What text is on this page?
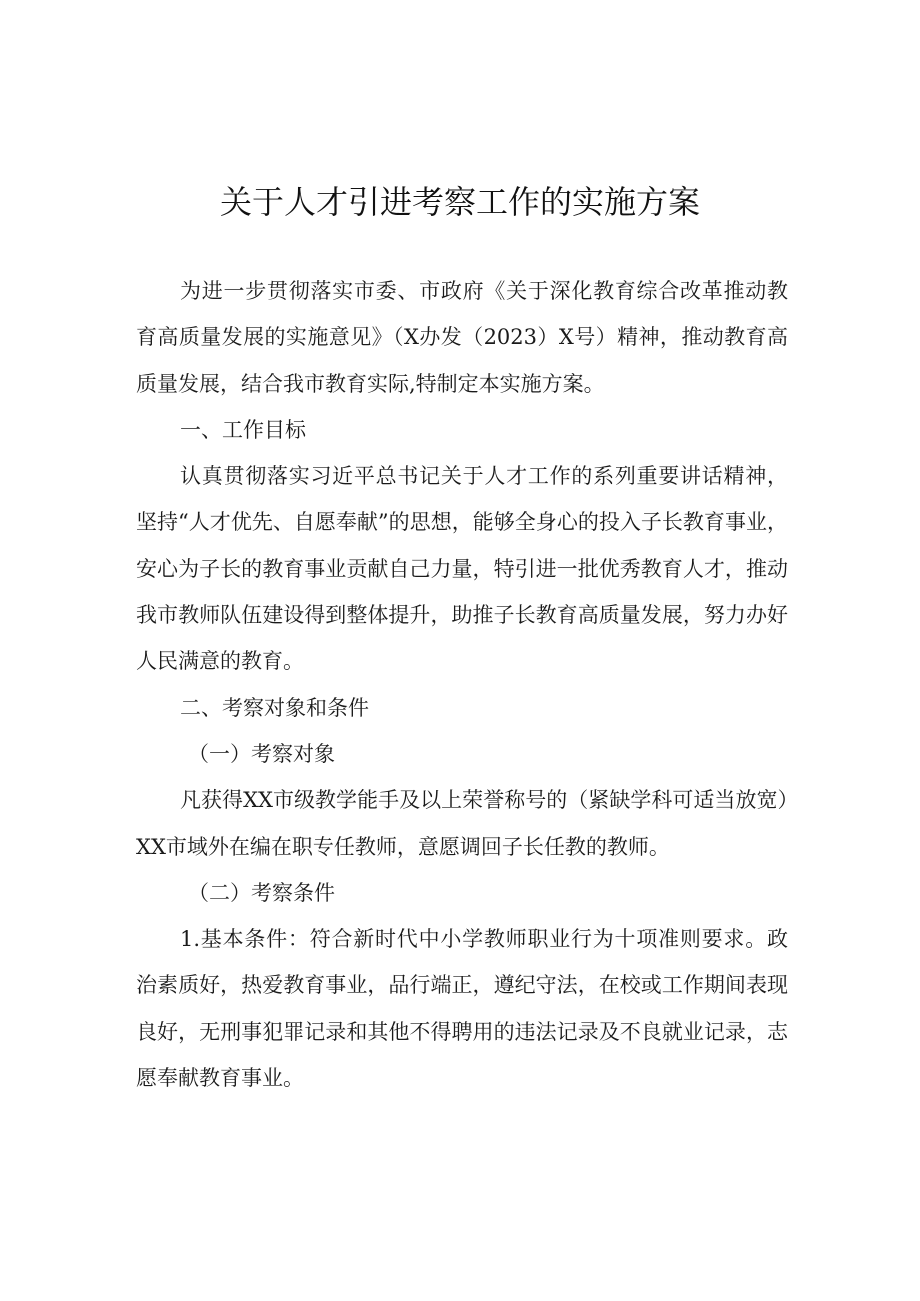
关于人才引进考察工作的实施方案

为进一步贯彻落实市委、市政府《关于深化教育综合改革推动教育高质量发展的实施意见》（X办发（2023）X号）精神，推动教育高质量发展，结合我市教育实际,特制定本实施方案。

一、工作目标

认真贯彻落实习近平总书记关于人才工作的系列重要讲话精神，坚持“人才优先、自愿奉献”的思想，能够全身心的投入子长教育事业，安心为子长的教育事业贡献自己力量，特引进一批优秀教育人才，推动我市教师队伍建设得到整体提升，助推子长教育高质量发展，努力办好人民满意的教育。

二、考察对象和条件

（一）考察对象

凡获得XX市级教学能手及以上荣誉称号的（紧缺学科可适当放宽）XX市域外在编在职专任教师，意愿调回子长任教的教师。

（二）考察条件

1.基本条件：符合新时代中小学教师职业行为十项准则要求。政治素质好，热爱教育事业，品行端正，遵纪守法，在校或工作期间表现良好，无刑事犯罪记录和其他不得聘用的违法记录及不良就业记录，志愿奉献教育事业。
